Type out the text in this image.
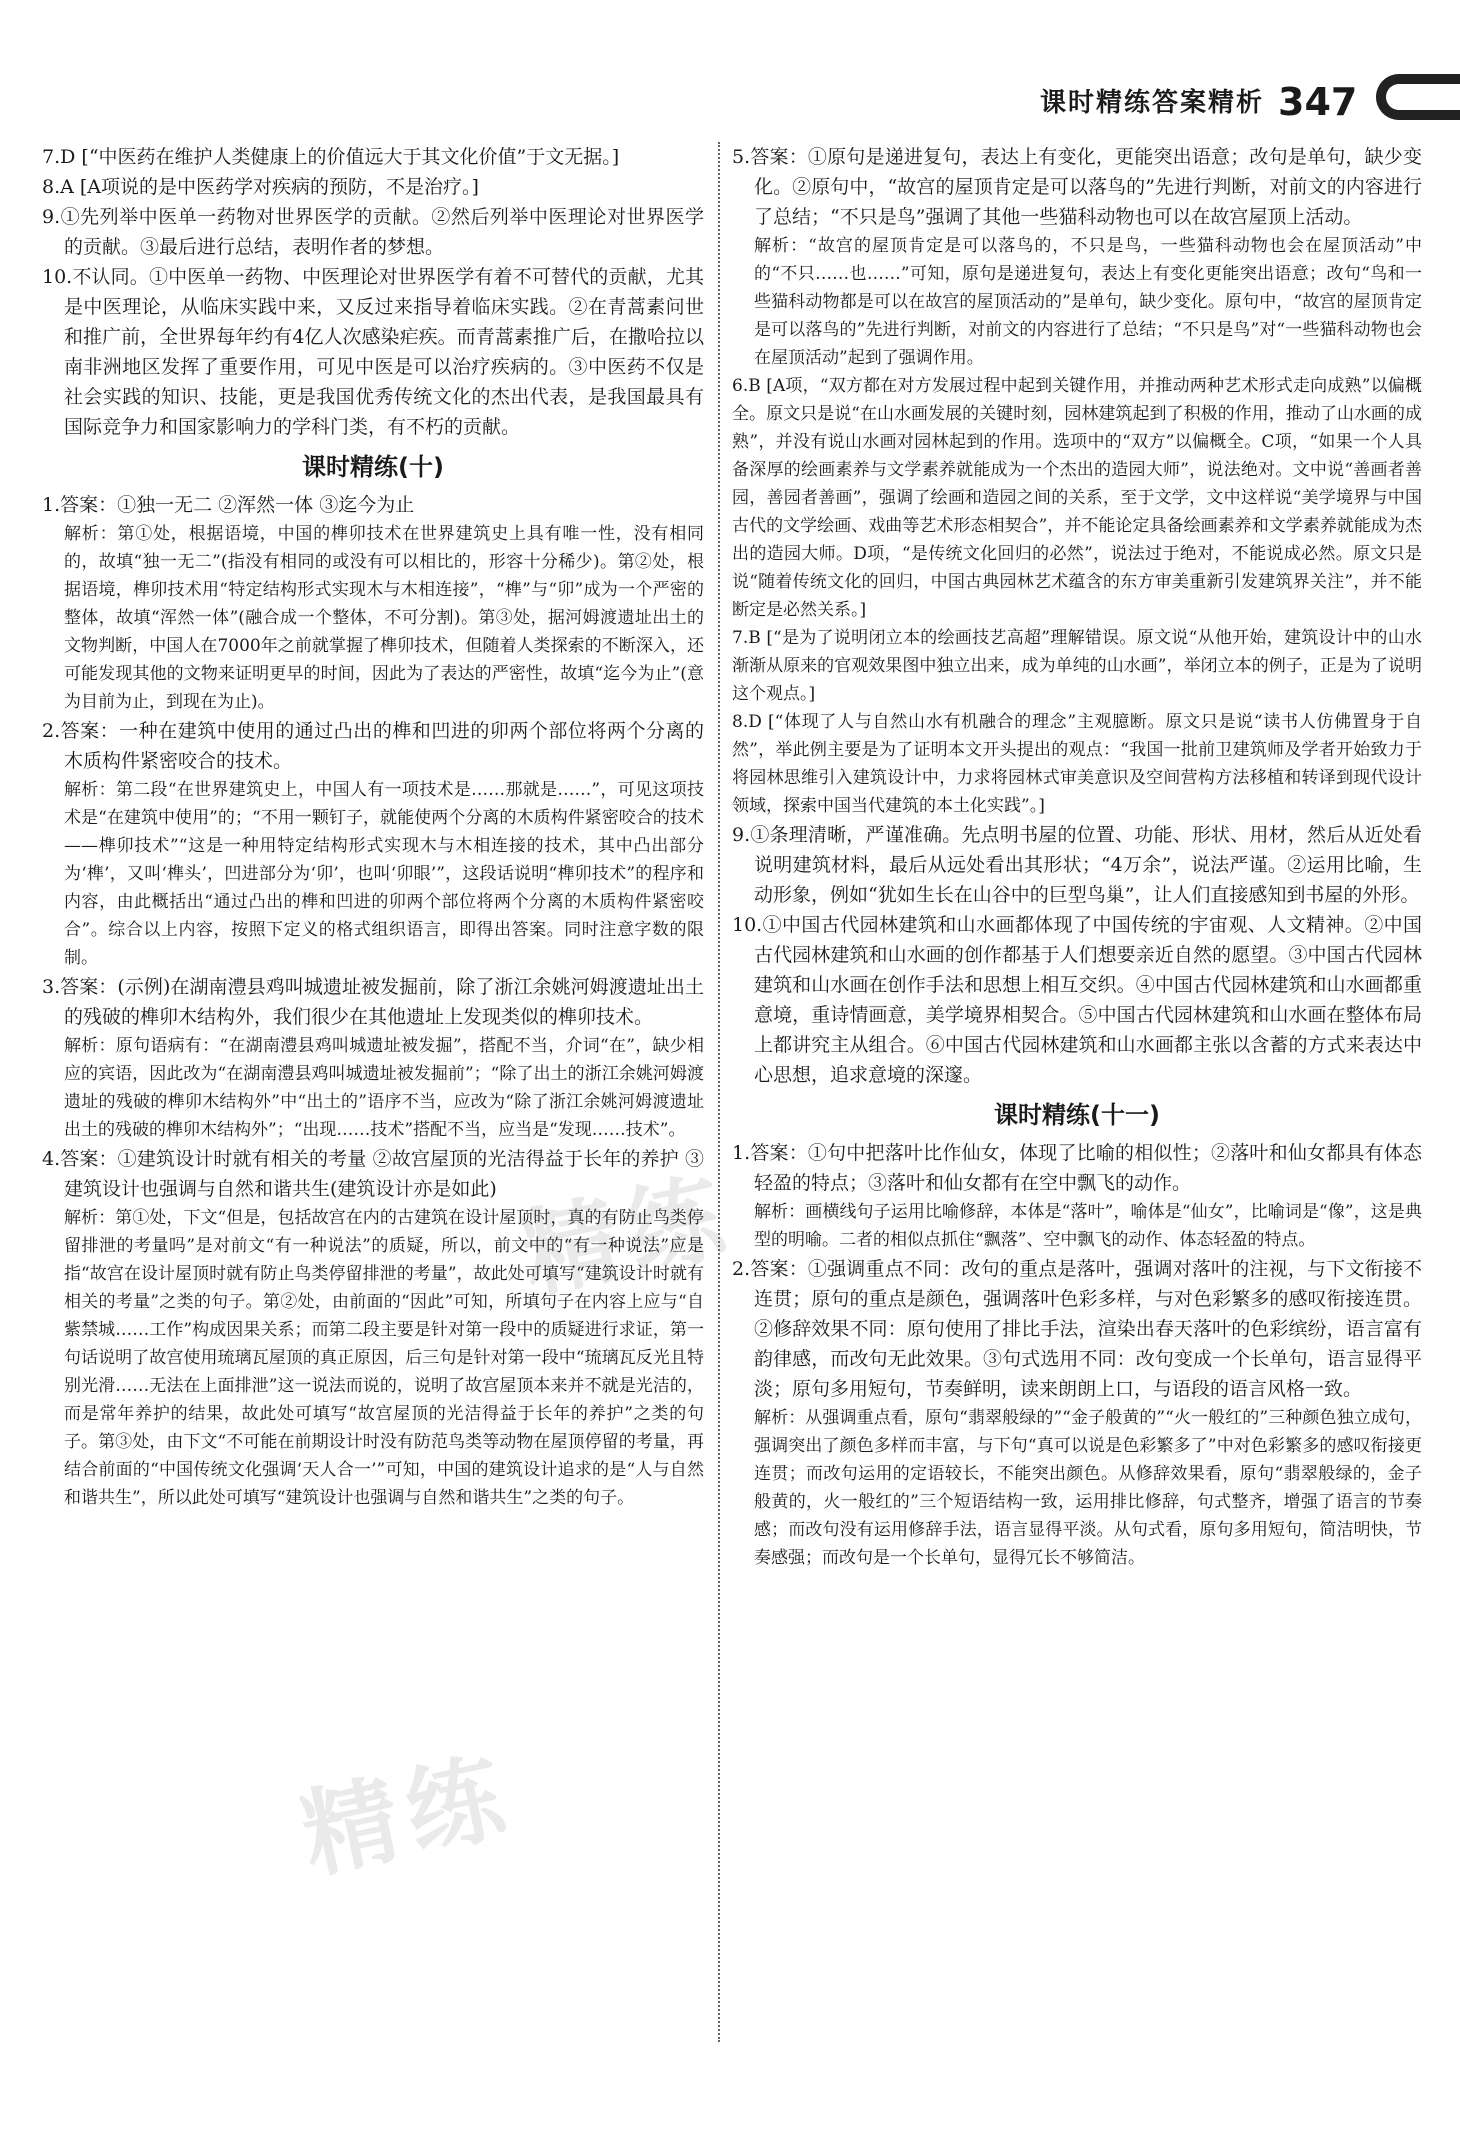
课时精练答案精析 347

7.D [“中医药在维护人类健康上的价值远大于其文化价值”于文无据。]

8.A [A项说的是中医药学对疾病的预防，不是治疗。]

9.①先列举中医单一药物对世界医学的贡献。②然后列举中医理论对世界医学的贡献。③最后进行总结，表明作者的梦想。

10.不认同。①中医单一药物、中医理论对世界医学有着不可替代的贡献，尤其是中医理论，从临床实践中来，又反过来指导着临床实践。②在青蒿素问世和推广前，全世界每年约有4亿人次感染疟疾。而青蒿素推广后，在撒哈拉以南非洲地区发挥了重要作用，可见中医是可以治疗疾病的。③中医药不仅是社会实践的知识、技能，更是我国优秀传统文化的杰出代表，是我国最具有国际竞争力和国家影响力的学科门类，有不朽的贡献。

课时精练(十)

1.答案：①独一无二 ②浑然一体 ③迄今为止

解析：第①处，根据语境，中国的榫卯技术在世界建筑史上具有唯一性，没有相同的，故填“独一无二”(指没有相同的或没有可以相比的，形容十分稀少)。第②处，根据语境，榫卯技术用“特定结构形式实现木与木相连接”，“榫”与“卯”成为一个严密的整体，故填“浑然一体”(融合成一个整体，不可分割)。第③处，据河姆渡遗址出土的文物判断，中国人在7000年之前就掌握了榫卯技术，但随着人类探索的不断深入，还可能发现其他的文物来证明更早的时间，因此为了表达的严密性，故填“迄今为止”(意为目前为止，到现在为止)。

2.答案：一种在建筑中使用的通过凸出的榫和凹进的卯两个部位将两个分离的木质构件紧密咬合的技术。

解析：第二段“在世界建筑史上，中国人有一项技术是……那就是……”，可见这项技术是“在建筑中使用”的；“不用一颗钉子，就能使两个分离的木质构件紧密咬合的技术——榫卯技术”“这是一种用特定结构形式实现木与木相连接的技术，其中凸出部分为‘榫’，又叫‘榫头’，凹进部分为‘卯’，也叫‘卯眼’”，这段话说明“榫卯技术”的程序和内容，由此概括出“通过凸出的榫和凹进的卯两个部位将两个分离的木质构件紧密咬合”。综合以上内容，按照下定义的格式组织语言，即得出答案。同时注意字数的限制。

3.答案：(示例)在湖南澧县鸡叫城遗址被发掘前，除了浙江余姚河姆渡遗址出土的残破的榫卯木结构外，我们很少在其他遗址上发现类似的榫卯技术。

解析：原句语病有：“在湖南澧县鸡叫城遗址被发掘”，搭配不当，介词“在”，缺少相应的宾语，因此改为“在湖南澧县鸡叫城遗址被发掘前”；“除了出土的浙江余姚河姆渡遗址的残破的榫卯木结构外”中“出土的”语序不当，应改为“除了浙江余姚河姆渡遗址出土的残破的榫卯木结构外”；“出现……技术”搭配不当，应当是“发现……技术”。

4.答案：①建筑设计时就有相关的考量 ②故宫屋顶的光洁得益于长年的养护 ③建筑设计也强调与自然和谐共生(建筑设计亦是如此)

解析：第①处，下文“但是，包括故宫在内的古建筑在设计屋顶时，真的有防止鸟类停留排泄的考量吗”是对前文“有一种说法”的质疑，所以，前文中的“有一种说法”应是指“故宫在设计屋顶时就有防止鸟类停留排泄的考量”，故此处可填写“建筑设计时就有相关的考量”之类的句子。第②处，由前面的“因此”可知，所填句子在内容上应与“自紫禁城……工作”构成因果关系；而第二段主要是针对第一段中的质疑进行求证，第一句话说明了故宫使用琉璃瓦屋顶的真正原因，后三句是针对第一段中“琉璃瓦反光且特别光滑……无法在上面排泄”这一说法而说的，说明了故宫屋顶本来并不就是光洁的，而是常年养护的结果，故此处可填写“故宫屋顶的光洁得益于长年的养护”之类的句子。第③处，由下文“不可能在前期设计时没有防范鸟类等动物在屋顶停留的考量，再结合前面的“中国传统文化强调‘天人合一’”可知，中国的建筑设计追求的是“人与自然和谐共生”，所以此处可填写“建筑设计也强调与自然和谐共生”之类的句子。

5.答案：①原句是递进复句，表达上有变化，更能突出语意；改句是单句，缺少变化。②原句中，“故宫的屋顶肯定是可以落鸟的”先进行判断，对前文的内容进行了总结；“不只是鸟”强调了其他一些猫科动物也可以在故宫屋顶上活动。

解析：“故宫的屋顶肯定是可以落鸟的，不只是鸟，一些猫科动物也会在屋顶活动”中的“不只……也……”可知，原句是递进复句，表达上有变化更能突出语意；改句“鸟和一些猫科动物都是可以在故宫的屋顶活动的”是单句，缺少变化。原句中，“故宫的屋顶肯定是可以落鸟的”先进行判断，对前文的内容进行了总结；“不只是鸟”对“一些猫科动物也会在屋顶活动”起到了强调作用。

6.B [A项，“双方都在对方发展过程中起到关键作用，并推动两种艺术形式走向成熟”以偏概全。原文只是说“在山水画发展的关键时刻，园林建筑起到了积极的作用，推动了山水画的成熟”，并没有说山水画对园林起到的作用。选项中的“双方”以偏概全。C项，“如果一个人具备深厚的绘画素养与文学素养就能成为一个杰出的造园大师”，说法绝对。文中说“善画者善园，善园者善画”，强调了绘画和造园之间的关系，至于文学，文中这样说“美学境界与中国古代的文学绘画、戏曲等艺术形态相契合”，并不能论定具备绘画素养和文学素养就能成为杰出的造园大师。D项，“是传统文化回归的必然”，说法过于绝对，不能说成必然。原文只是说“随着传统文化的回归，中国古典园林艺术蕴含的东方审美重新引发建筑界关注”，并不能断定是必然关系。]

7.B [“是为了说明闭立本的绘画技艺高超”理解错误。原文说“从他开始，建筑设计中的山水渐渐从原来的官观效果图中独立出来，成为单纯的山水画”，举闭立本的例子，正是为了说明这个观点。]

8.D [“体现了人与自然山水有机融合的理念”主观臆断。原文只是说“读书人仿佛置身于自然”，举此例主要是为了证明本文开头提出的观点：“我国一批前卫建筑师及学者开始致力于将园林思维引入建筑设计中，力求将园林式审美意识及空间营构方法移植和转译到现代设计领域，探索中国当代建筑的本土化实践”。]

9.①条理清晰，严谨准确。先点明书屋的位置、功能、形状、用材，然后从近处看说明建筑材料，最后从远处看出其形状；“4万余”，说法严谨。②运用比喻，生动形象，例如“犹如生长在山谷中的巨型鸟巢”，让人们直接感知到书屋的外形。

10.①中国古代园林建筑和山水画都体现了中国传统的宇宙观、人文精神。②中国古代园林建筑和山水画的创作都基于人们想要亲近自然的愿望。③中国古代园林建筑和山水画在创作手法和思想上相互交织。④中国古代园林建筑和山水画都重意境，重诗情画意，美学境界相契合。⑤中国古代园林建筑和山水画在整体布局上都讲究主从组合。⑥中国古代园林建筑和山水画都主张以含蓄的方式来表达中心思想，追求意境的深邃。

课时精练(十一)

1.答案：①句中把落叶比作仙女，体现了比喻的相似性；②落叶和仙女都具有体态轻盈的特点；③落叶和仙女都有在空中飘飞的动作。

解析：画横线句子运用比喻修辞，本体是“落叶”，喻体是“仙女”，比喻词是“像”，这是典型的明喻。二者的相似点抓住“飘落”、空中飘飞的动作、体态轻盈的特点。

2.答案：①强调重点不同：改句的重点是落叶，强调对落叶的注视，与下文衔接不连贯；原句的重点是颜色，强调落叶色彩多样，与对色彩繁多的感叹衔接连贯。②修辞效果不同：原句使用了排比手法，渲染出春天落叶的色彩缤纷，语言富有韵律感，而改句无此效果。③句式选用不同：改句变成一个长单句，语言显得平淡；原句多用短句，节奏鲜明，读来朗朗上口，与语段的语言风格一致。

解析：从强调重点看，原句“翡翠般绿的”“金子般黄的”“火一般红的”三种颜色独立成句，强调突出了颜色多样而丰富，与下句“真可以说是色彩繁多了”中对色彩繁多的感叹衔接更连贯；而改句运用的定语较长，不能突出颜色。从修辞效果看，原句“翡翠般绿的，金子般黄的，火一般红的”三个短语结构一致，运用排比修辞，句式整齐，增强了语言的节奏感；而改句没有运用修辞手法，语言显得平淡。从句式看，原句多用短句，简洁明快，节奏感强；而改句是一个长单句，显得冗长不够简洁。

精练
精练
